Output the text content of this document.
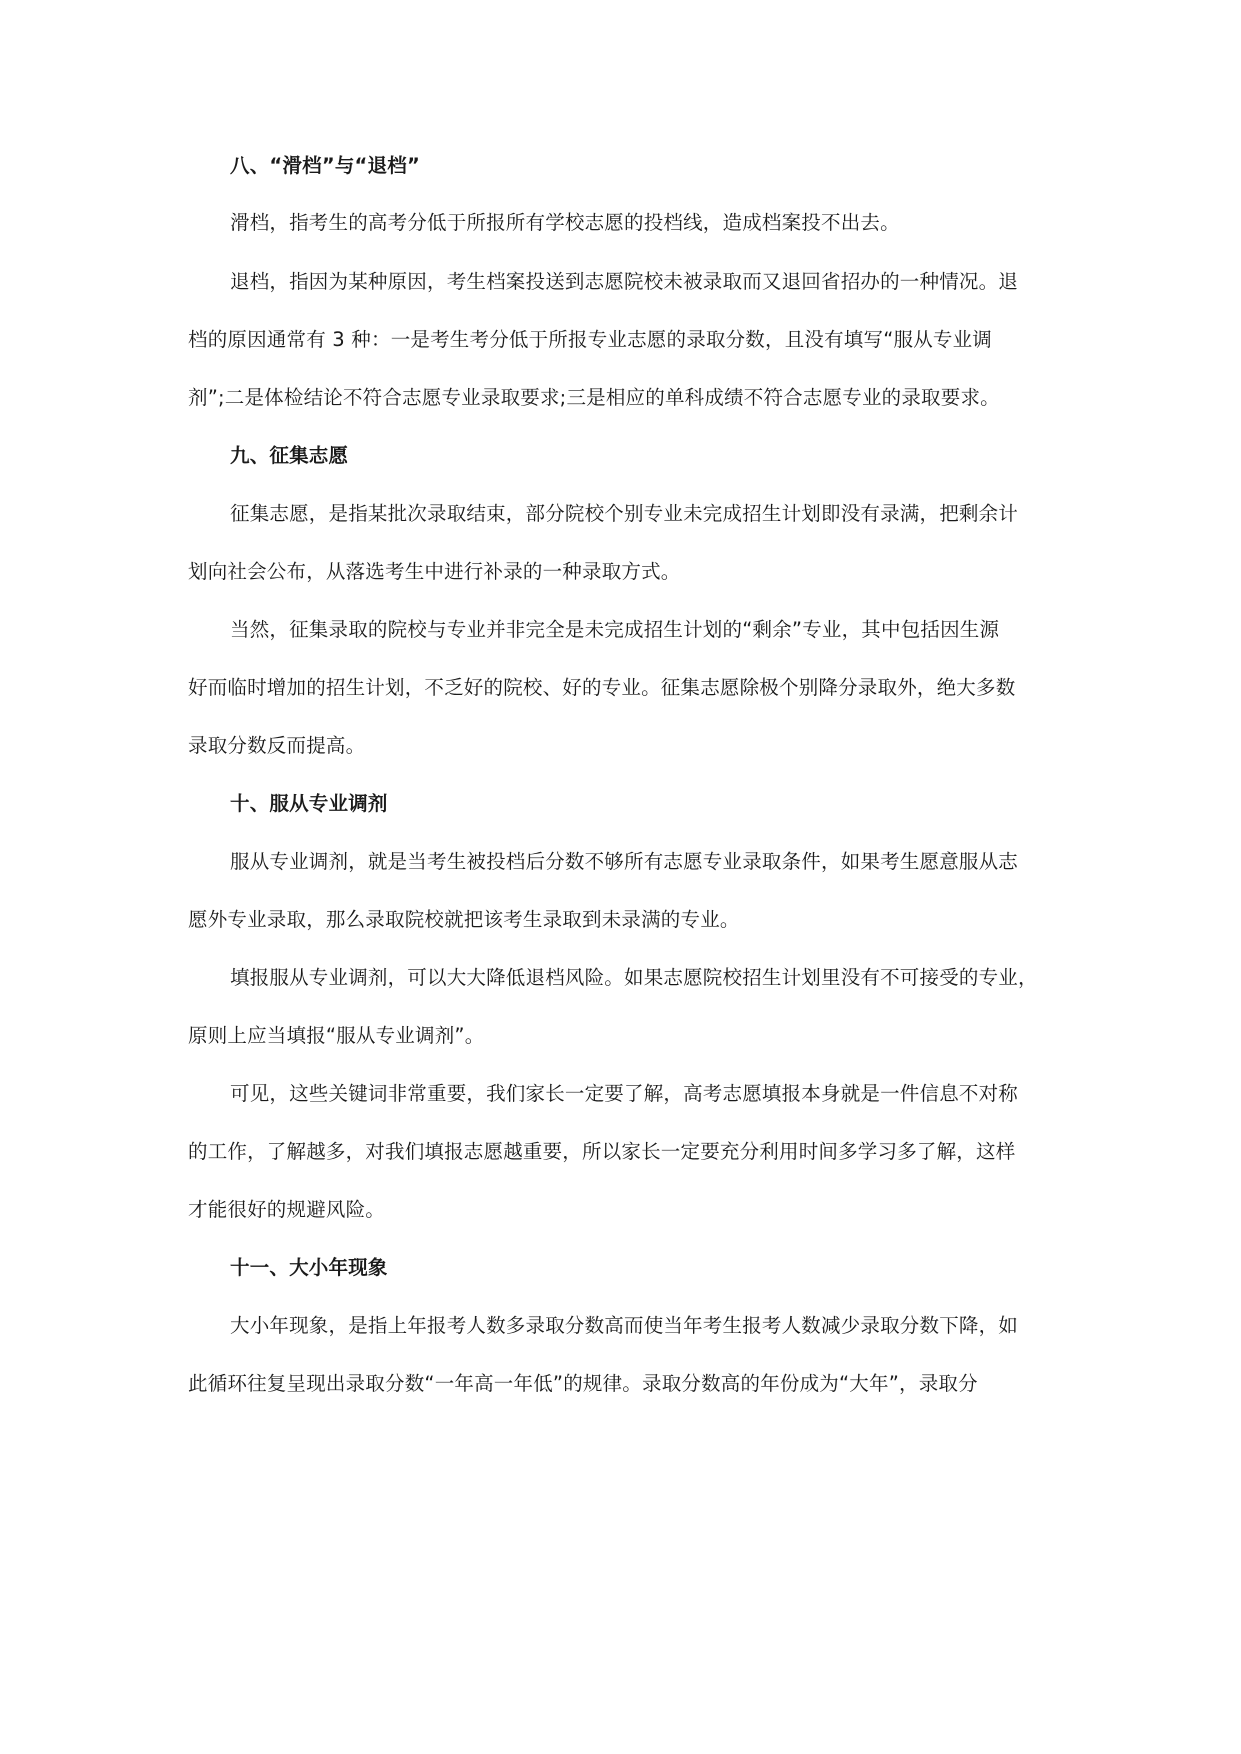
八、“滑档”与“退档”
滑档，指考生的高考分低于所报所有学校志愿的投档线，造成档案投不出去。
退档，指因为某种原因，考生档案投送到志愿院校未被录取而又退回省招办的一种情况。退
档的原因通常有 3 种：一是考生考分低于所报专业志愿的录取分数，且没有填写“服从专业调
剂”;二是体检结论不符合志愿专业录取要求;三是相应的单科成绩不符合志愿专业的录取要求。
九、征集志愿
征集志愿，是指某批次录取结束，部分院校个别专业未完成招生计划即没有录满，把剩余计
划向社会公布，从落选考生中进行补录的一种录取方式。
当然，征集录取的院校与专业并非完全是未完成招生计划的“剩余”专业，其中包括因生源
好而临时增加的招生计划，不乏好的院校、好的专业。征集志愿除极个别降分录取外，绝大多数
录取分数反而提高。
十、服从专业调剂
服从专业调剂，就是当考生被投档后分数不够所有志愿专业录取条件，如果考生愿意服从志
愿外专业录取，那么录取院校就把该考生录取到未录满的专业。
填报服从专业调剂，可以大大降低退档风险。如果志愿院校招生计划里没有不可接受的专业，
原则上应当填报“服从专业调剂”。
可见，这些关键词非常重要，我们家长一定要了解，高考志愿填报本身就是一件信息不对称
的工作，了解越多，对我们填报志愿越重要，所以家长一定要充分利用时间多学习多了解，这样
才能很好的规避风险。
十一、大小年现象
大小年现象，是指上年报考人数多录取分数高而使当年考生报考人数减少录取分数下降，如
此循环往复呈现出录取分数“一年高一年低”的规律。录取分数高的年份成为“大年”，录取分
